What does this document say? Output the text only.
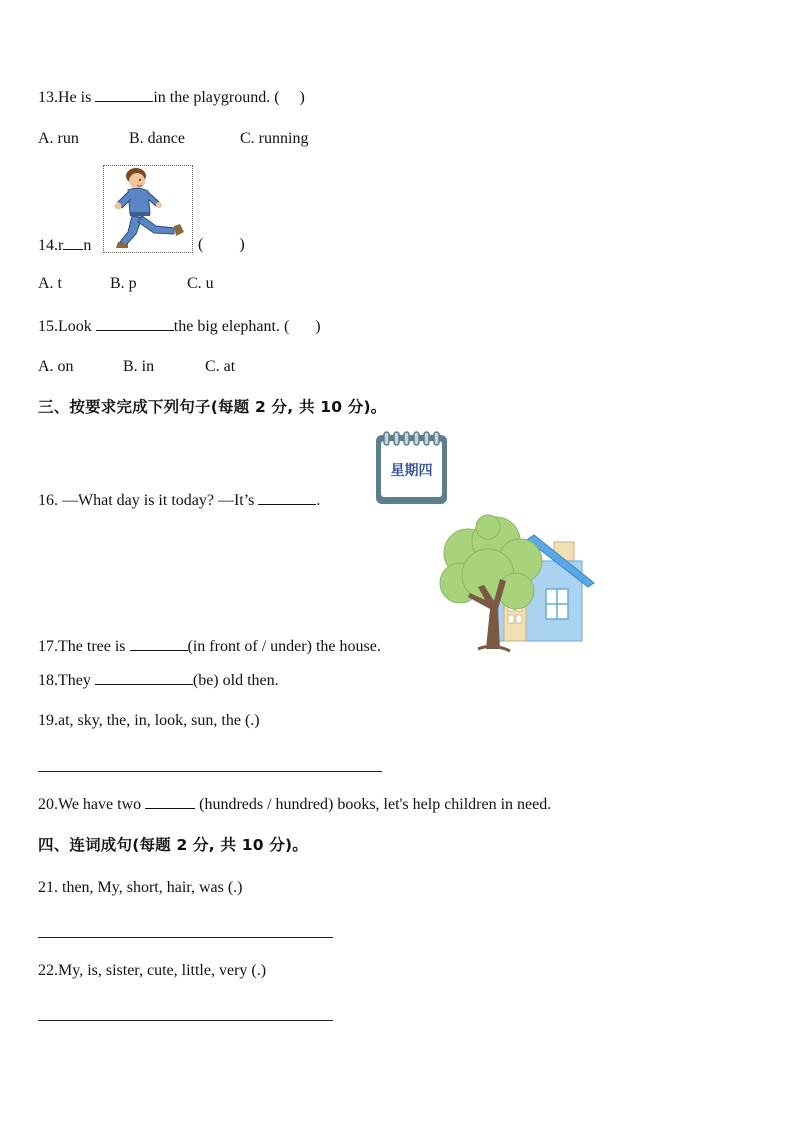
13.He is	in the playground. ( )
A. run	B. dance	C. running
14.r n	( )
A. t	B. p	C. u
15.Look	the big elephant. ( )
A. on	B. in	C. at
三、按要求完成下列句子(每题 2 分, 共 10 分)。
星期四
16. —What day is it today? —It’s	.
17.The tree is	(in front of / under) the house.
18.They	(be) old then.
19.at, sky, the, in, look, sun, the (.)
20.We have two	(hundreds / hundred) books, let's help children in need.
四、连词成句(每题 2 分, 共 10 分)。
21. then, My, short, hair, was (.)
22.My, is, sister, cute, little, very (.)
